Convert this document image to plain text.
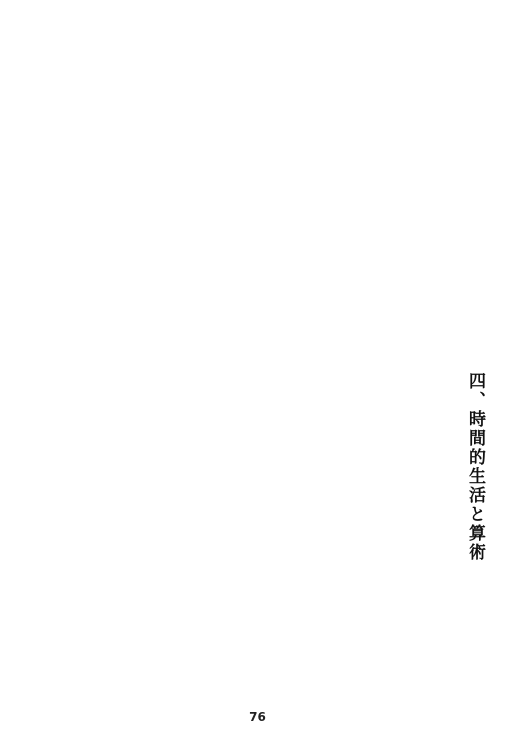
四、時間的生活と算術
76
